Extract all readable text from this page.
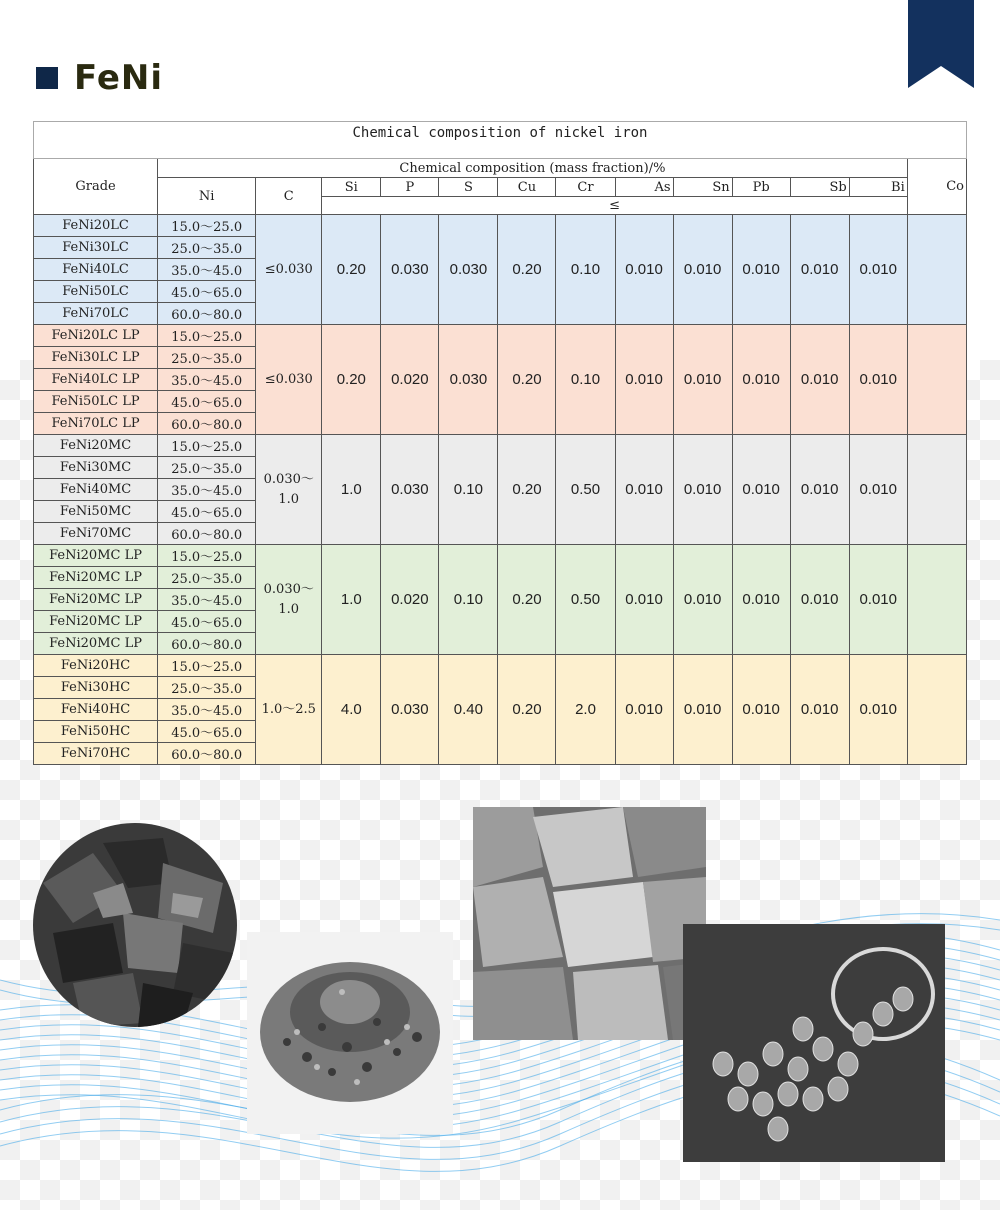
FeNi
Chemical composition of nickel iron													
Grade	Chemical composition (mass fraction)/%												Co
	Ni	C	Si	P	S	Cu	Cr	As	Sn	Pb	Sb	Bi	
			≤										
FeNi20LC	15.0～25.0	≤0.030	0.20	0.030	0.030	0.20	0.10	0.010	0.010	0.010	0.010	0.010	
FeNi30LC	25.0～35.0												
FeNi40LC	35.0～45.0												
FeNi50LC	45.0～65.0												
FeNi70LC	60.0～80.0												
FeNi20LC LP	15.0～25.0	≤0.030	0.20	0.020	0.030	0.20	0.10	0.010	0.010	0.010	0.010	0.010	
FeNi30LC LP	25.0～35.0												
FeNi40LC LP	35.0～45.0												
FeNi50LC LP	45.0～65.0												
FeNi70LC LP	60.0～80.0												
FeNi20MC	15.0～25.0	0.030～1.0	1.0	0.030	0.10	0.20	0.50	0.010	0.010	0.010	0.010	0.010	
FeNi30MC	25.0～35.0												
FeNi40MC	35.0～45.0												
FeNi50MC	45.0～65.0												
FeNi70MC	60.0～80.0												
FeNi20MC LP	15.0～25.0	0.030～1.0	1.0	0.020	0.10	0.20	0.50	0.010	0.010	0.010	0.010	0.010	
FeNi20MC LP	25.0～35.0												
FeNi20MC LP	35.0～45.0												
FeNi20MC LP	45.0～65.0												
FeNi20MC LP	60.0～80.0												
FeNi20HC	15.0～25.0	1.0～2.5	4.0	0.030	0.40	0.20	2.0	0.010	0.010	0.010	0.010	0.010	
FeNi30HC	25.0～35.0												
FeNi40HC	35.0～45.0												
FeNi50HC	45.0～65.0												
FeNi70HC	60.0～80.0												
